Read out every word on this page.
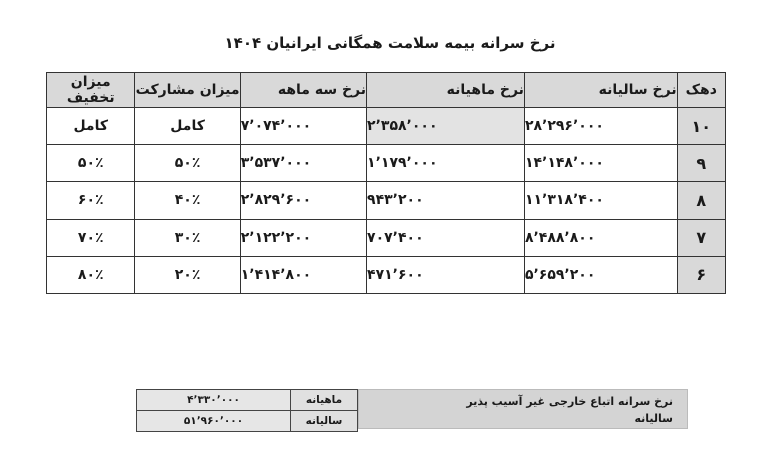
نرخ سرانه بیمه سلامت همگانی ایرانیان ۱۴۰۴
دهک	نرخ سالیانه	نرخ ماهیانه	نرخ سه ماهه	میزان مشارکت	میزان تخفیف
۱۰	۲۸٬۲۹۶٬۰۰۰	۲٬۳۵۸٬۰۰۰	۷٬۰۷۴٬۰۰۰	کامل	کامل
۹	۱۴٬۱۴۸٬۰۰۰	۱٬۱۷۹٬۰۰۰	۳٬۵۳۷٬۰۰۰	۵۰٪	۵۰٪
۸	۱۱٬۳۱۸٬۴۰۰	۹۴۳٬۲۰۰	۲٬۸۲۹٬۶۰۰	۴۰٪	۶۰٪
۷	۸٬۴۸۸٬۸۰۰	۷۰۷٬۴۰۰	۲٬۱۲۲٬۲۰۰	۳۰٪	۷۰٪
۶	۵٬۶۵۹٬۲۰۰	۴۷۱٬۶۰۰	۱٬۴۱۴٬۸۰۰	۲۰٪	۸۰٪
ماهیانه	۴٬۳۳۰٬۰۰۰
سالیانه	۵۱٬۹۶۰٬۰۰۰
نرخ سرانه اتباع خارجی غیر آسیب پذیر
سالیانه
